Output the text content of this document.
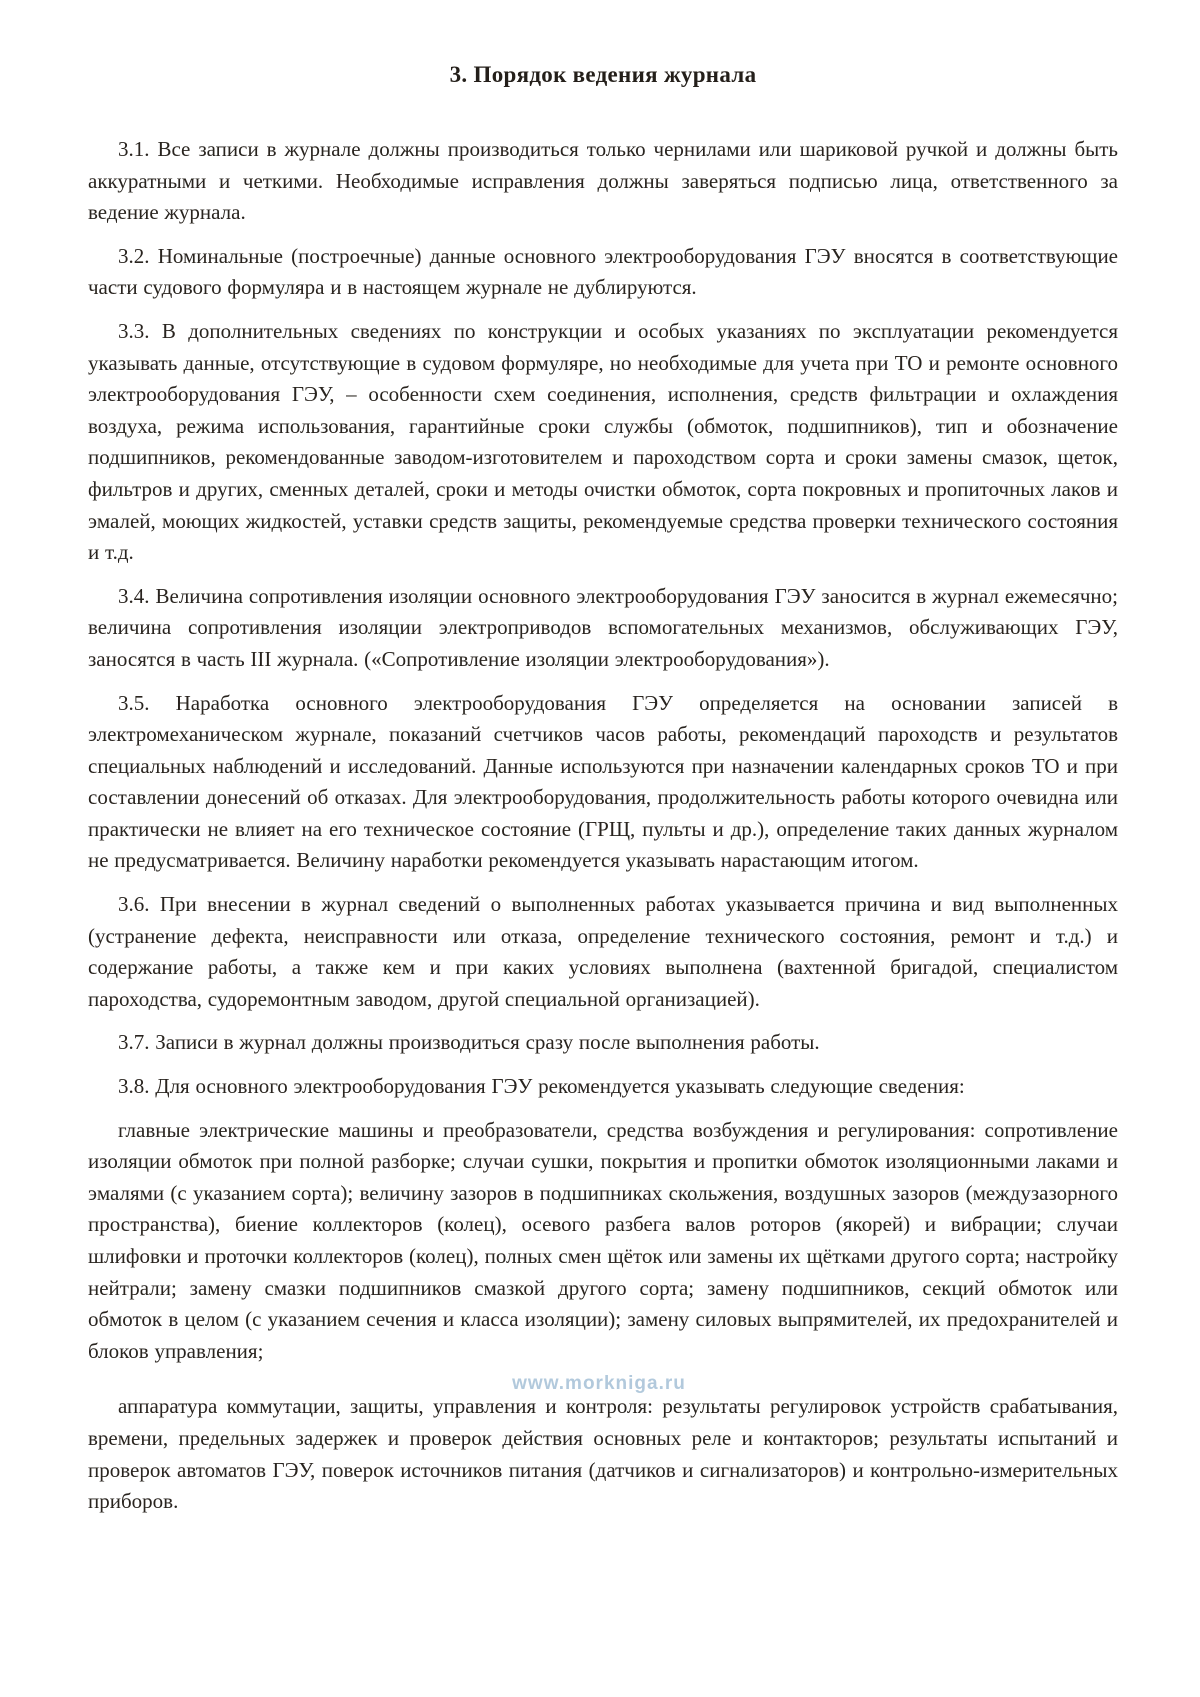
3. Порядок ведения журнала

3.1. Все записи в журнале должны производиться только чернилами или шариковой ручкой и должны быть аккуратными и четкими. Необходимые исправления должны заверяться подписью лица, ответственного за ведение журнала.

3.2. Номинальные (построечные) данные основного электрооборудования ГЭУ вносятся в соответствующие части судового формуляра и в настоящем журнале не дублируются.

3.3. В дополнительных сведениях по конструкции и особых указаниях по эксплуатации рекомендуется указывать данные, отсутствующие в судовом формуляре, но необходимые для учета при ТО и ремонте основного электрооборудования ГЭУ, – особенности схем соединения, исполнения, средств фильтрации и охлаждения воздуха, режима использования, гарантийные сроки службы (обмоток, подшипников), тип и обозначение подшипников, рекомендованные заводом-изготовителем и пароходством сорта и сроки замены смазок, щеток, фильтров и других, сменных деталей, сроки и методы очистки обмоток, сорта покровных и пропиточных лаков и эмалей, моющих жидкостей, уставки средств защиты, рекомендуемые средства проверки технического состояния и т.д.

3.4. Величина сопротивления изоляции основного электрооборудования ГЭУ заносится в журнал ежемесячно; величина сопротивления изоляции электроприводов вспомогательных механизмов, обслуживающих ГЭУ, заносятся в часть III журнала. («Сопротивление изоляции электрооборудования»).

3.5. Наработка основного электрооборудования ГЭУ определяется на основании записей в электромеханическом журнале, показаний счетчиков часов работы, рекомендаций пароходств и результатов специальных наблюдений и исследований. Данные используются при назначении календарных сроков ТО и при составлении донесений об отказах. Для электрооборудования, продолжительность работы которого очевидна или практически не влияет на его техническое состояние (ГРЩ, пульты и др.), определение таких данных журналом не предусматривается. Величину наработки рекомендуется указывать нарастающим итогом.

3.6. При внесении в журнал сведений о выполненных работах указывается причина и вид выполненных (устранение дефекта, неисправности или отказа, определение технического состояния, ремонт и т.д.) и содержание работы, а также кем и при каких условиях выполнена (вахтенной бригадой, специалистом пароходства, судоремонтным заводом, другой специальной организацией).

3.7. Записи в журнал должны производиться сразу после выполнения работы.

3.8. Для основного электрооборудования ГЭУ рекомендуется указывать следующие сведения:

главные электрические машины и преобразователи, средства возбуждения и регулирования: сопротивление изоляции обмоток при полной разборке; случаи сушки, покрытия и пропитки обмоток изоляционными лаками и эмалями (с указанием сорта); величину зазоров в подшипниках скольжения, воздушных зазоров (междузазорного пространства), биение коллекторов (колец), осевого разбега валов роторов (якорей) и вибрации; случаи шлифовки и проточки коллекторов (колец), полных смен щёток или замены их щётками другого сорта; настройку нейтрали; замену смазки подшипников смазкой другого сорта; замену подшипников, секций обмоток или обмоток в целом (с указанием сечения и класса изоляции); замену силовых выпрямителей, их предохранителей и блоков управления;

www.morkniga.ru

аппаратура коммутации, защиты, управления и контроля: результаты регулировок устройств срабатывания, времени, предельных задержек и проверок действия основных реле и контакторов; результаты испытаний и проверок автоматов ГЭУ, поверок источников питания (датчиков и сигнализаторов) и контрольно-измерительных приборов.
